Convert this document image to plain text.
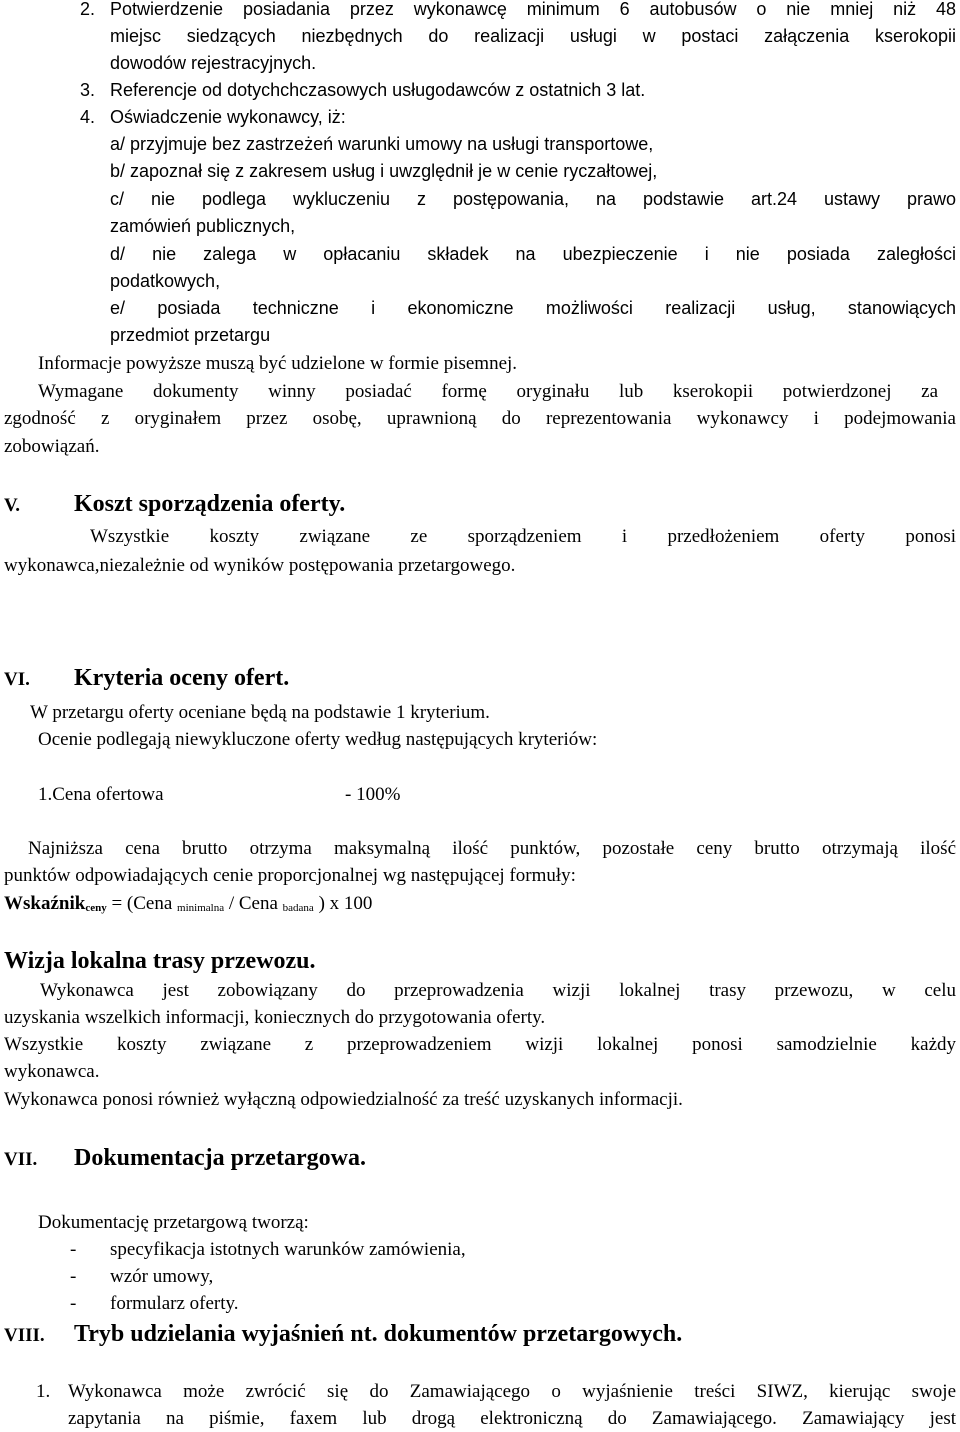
2. Potwierdzenie posiadania przez wykonawcę minimum 6 autobusów o nie mniej niż 48
miejsc siedzących niezbędnych do realizacji usługi w postaci załączenia kserokopii
dowodów rejestracyjnych.
3. Referencje od dotychchczasowych usługodawców z ostatnich 3 lat.
4. Oświadczenie wykonawcy, iż:
a/ przyjmuje bez zastrzeżeń warunki umowy na usługi transportowe,
b/ zapoznał się z zakresem usług i uwzględnił je w cenie ryczałtowej,
c/ nie podlega wykluczeniu z postępowania, na podstawie art.24 ustawy prawo
zamówień publicznych,
d/ nie zalega w opłacaniu składek na ubezpieczenie i nie posiada zaległości
podatkowych,
e/ posiada techniczne i ekonomiczne możliwości realizacji usług, stanowiących
przedmiot przetargu
Informacje powyższe muszą być udzielone w formie pisemnej.
Wymagane dokumenty winny posiadać formę oryginału lub kserokopii potwierdzonej za
zgodność z oryginałem przez osobę, uprawnioną do reprezentowania wykonawcy i podejmowania
zobowiązań.
V. Koszt sporządzenia oferty.
Wszystkie koszty związane ze sporządzeniem i przedłożeniem oferty ponosi
wykonawca,niezależnie od wyników postępowania przetargowego.
VI. Kryteria oceny ofert.
W przetargu oferty oceniane będą na podstawie 1 kryterium.
Ocenie podlegają niewykluczone oferty według następujących kryteriów:
1.Cena ofertowa	- 100%
Najniższa cena brutto otrzyma maksymalną ilość punktów, pozostałe ceny brutto otrzymają ilość
punktów odpowiadających cenie proporcjonalnej wg następującej formuły:
Wskaźnikceny = (Cena minimalna / Cena badana ) x 100
Wizja lokalna trasy przewozu.
Wykonawca jest zobowiązany do przeprowadzenia wizji lokalnej trasy przewozu, w celu
uzyskania wszelkich informacji, koniecznych do przygotowania oferty.
Wszystkie koszty związane z przeprowadzeniem wizji lokalnej ponosi samodzielnie każdy
wykonawca.
Wykonawca ponosi również wyłączną odpowiedzialność za treść uzyskanych informacji.
VII. Dokumentacja przetargowa.
Dokumentację przetargową tworzą:
- specyfikacja istotnych warunków zamówienia,
- wzór umowy,
- formularz oferty.
VIII. Tryb udzielania wyjaśnień nt. dokumentów przetargowych.
1. Wykonawca może zwrócić się do Zamawiającego o wyjaśnienie treści SIWZ, kierując swoje
zapytania na piśmie, faxem lub drogą elektroniczną do Zamawiającego. Zamawiający jest
